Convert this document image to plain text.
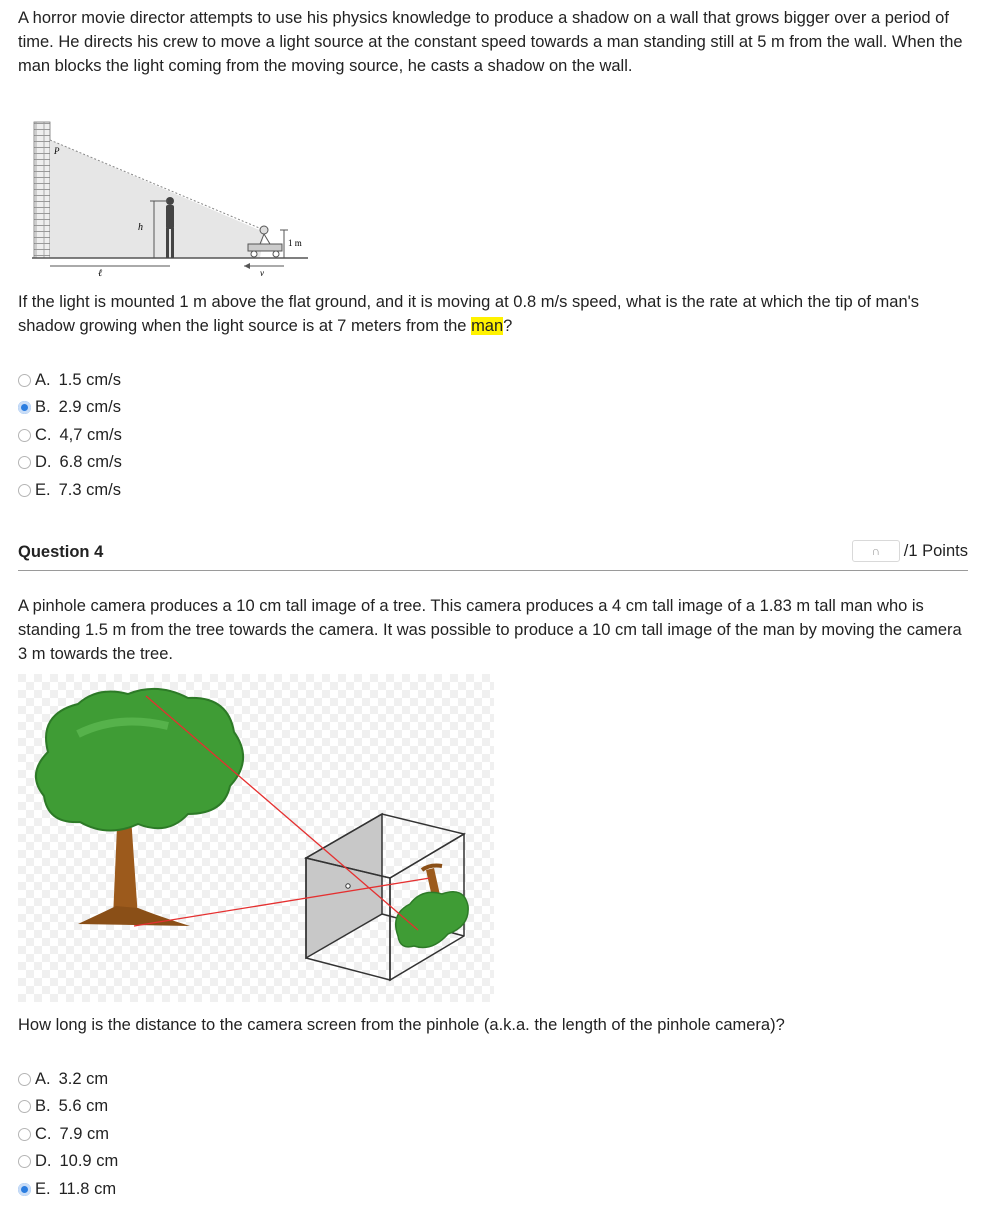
A horror movie director attempts to use his physics knowledge to produce a shadow on a wall that grows bigger over a period of time. He directs his crew to move a light source at the constant speed towards a man standing still at 5 m from the wall. When the man blocks the light coming from the moving source, he casts a shadow on the wall.

P
h
ℓ	v
1 m

If the light is mounted 1 m above the flat ground, and it is moving at 0.8 m/s speed, what is the rate at which the tip of man's shadow growing when the light source is at 7 meters from the man?

A. 1.5 cm/s
B. 2.9 cm/s
C. 4,7 cm/s
D. 6.8 cm/s
E. 7.3 cm/s
Question 4	∩	/1 Points

A pinhole camera produces a 10 cm tall image of a tree. This camera produces a 4 cm tall image of a 1.83 m tall man who is standing 1.5 m from the tree towards the camera. It was possible to produce a 10 cm tall image of the man by moving the camera 3 m towards the tree.

How long is the distance to the camera screen from the pinhole (a.k.a. the length of the pinhole camera)?

A. 3.2 cm
B. 5.6 cm
C. 7.9 cm
D. 10.9 cm
E. 11.8 cm
